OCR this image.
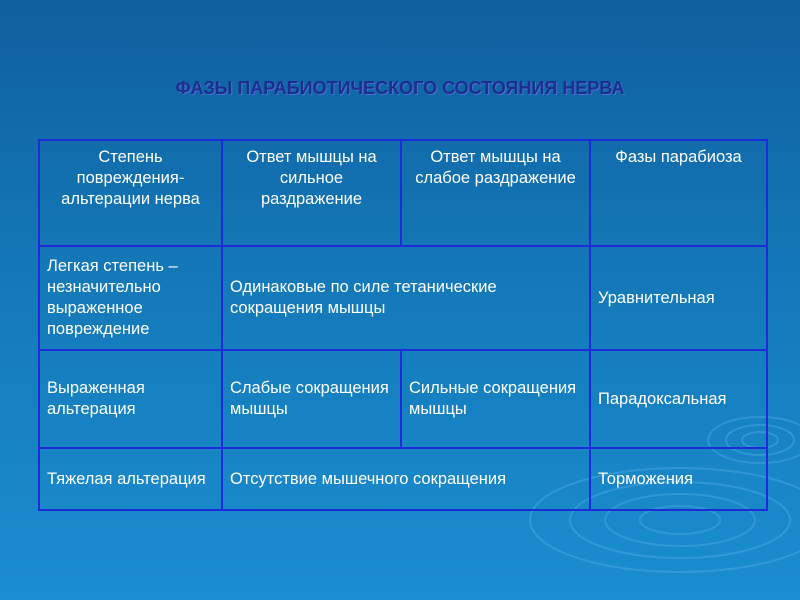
ФАЗЫ ПАРАБИОТИЧЕСКОГО СОСТОЯНИЯ НЕРВА
Степень повреждения-альтерации нерва	Ответ мышцы на сильное раздражение	Ответ мышцы на слабое раздражение	Фазы парабиоза
Легкая степень – незначительно выраженное повреждение	Одинаковые по силе тетанические сокращения мышцы		Уравнительная
Выраженная альтерация	Слабые сокращения мышцы	Сильные сокращения мышцы	Парадоксальная
Тяжелая альтерация	Отсутствие мышечного сокращения		Торможения
